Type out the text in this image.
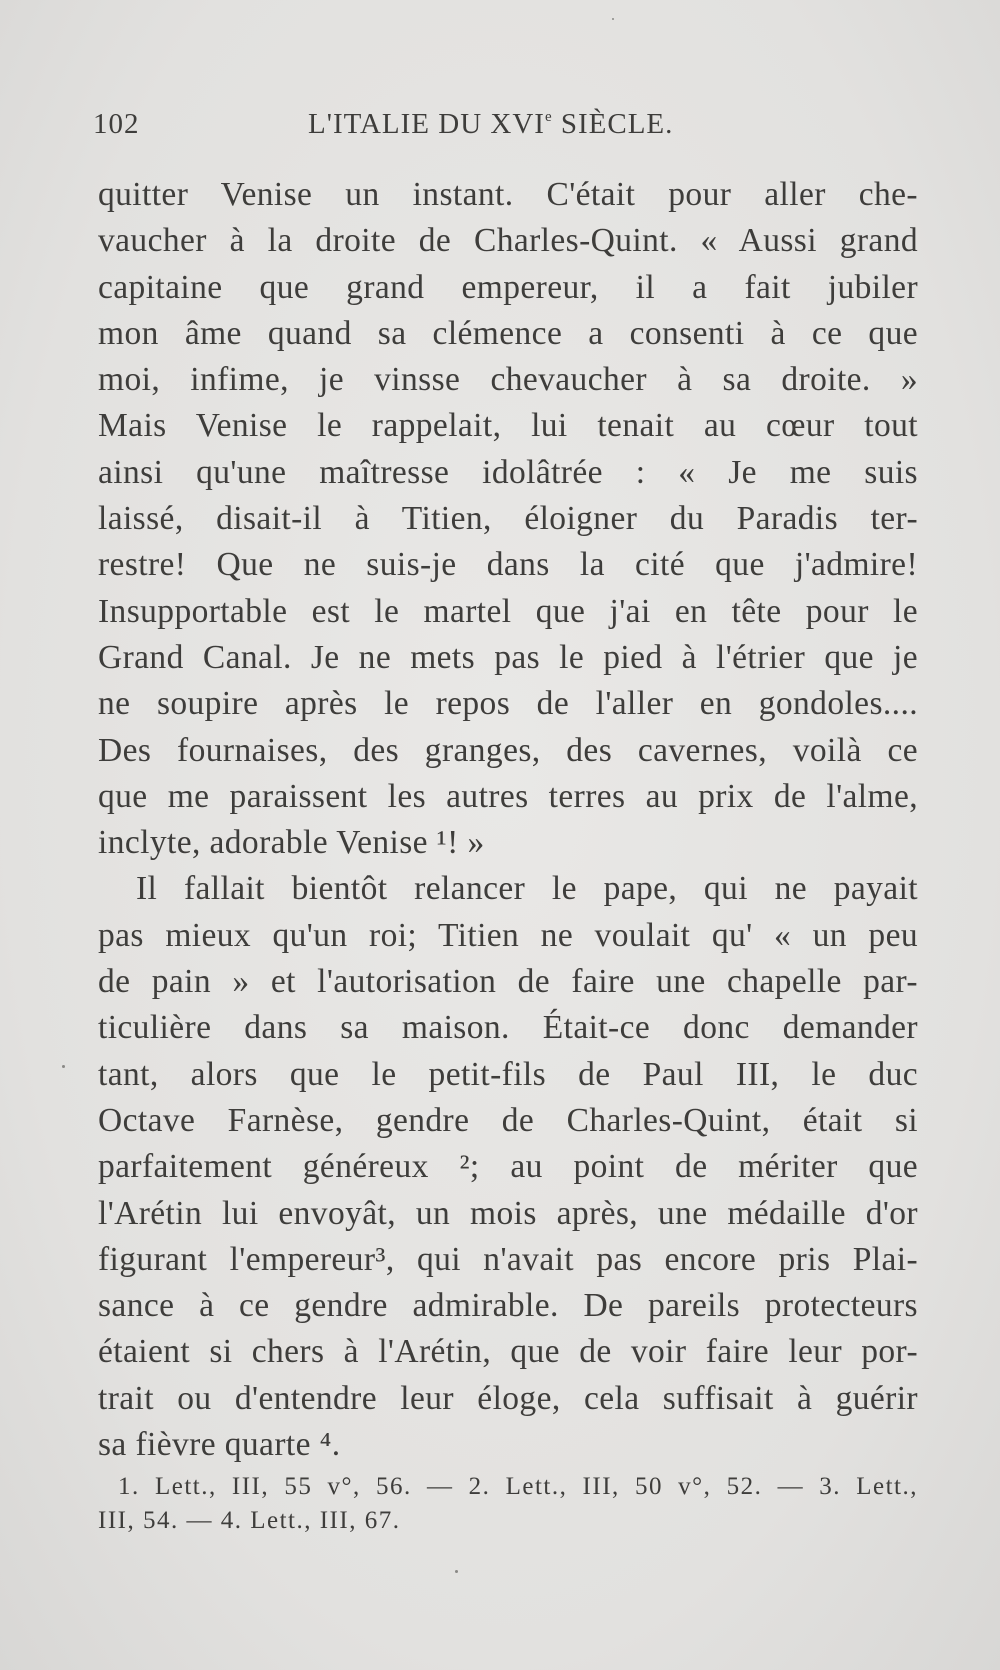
102	L'ITALIE DU XVIe SIÈCLE.
quitter Venise un instant. C'était pour aller che-
vaucher à la droite de Charles-Quint. « Aussi grand
capitaine que grand empereur, il a fait jubiler
mon âme quand sa clémence a consenti à ce que
moi, infime, je vinsse chevaucher à sa droite. »
Mais Venise le rappelait, lui tenait au cœur tout
ainsi qu'une maîtresse idolâtrée : « Je me suis
laissé, disait-il à Titien, éloigner du Paradis ter-
restre! Que ne suis-je dans la cité que j'admire!
Insupportable est le martel que j'ai en tête pour le
Grand Canal. Je ne mets pas le pied à l'étrier que je
ne soupire après le repos de l'aller en gondoles....
Des fournaises, des granges, des cavernes, voilà ce
que me paraissent les autres terres au prix de l'alme,
inclyte, adorable Venise ¹! »
Il fallait bientôt relancer le pape, qui ne payait
pas mieux qu'un roi; Titien ne voulait qu' « un peu
de pain » et l'autorisation de faire une chapelle par-
ticulière dans sa maison. Était-ce donc demander
tant, alors que le petit-fils de Paul III, le duc
Octave Farnèse, gendre de Charles-Quint, était si
parfaitement généreux ²; au point de mériter que
l'Arétin lui envoyât, un mois après, une médaille d'or
figurant l'empereur³, qui n'avait pas encore pris Plai-
sance à ce gendre admirable. De pareils protecteurs
étaient si chers à l'Arétin, que de voir faire leur por-
trait ou d'entendre leur éloge, cela suffisait à guérir
sa fièvre quarte ⁴.
1. Lett., III, 55 v°, 56. — 2. Lett., III, 50 v°, 52. — 3. Lett.,
III, 54. — 4. Lett., III, 67.
